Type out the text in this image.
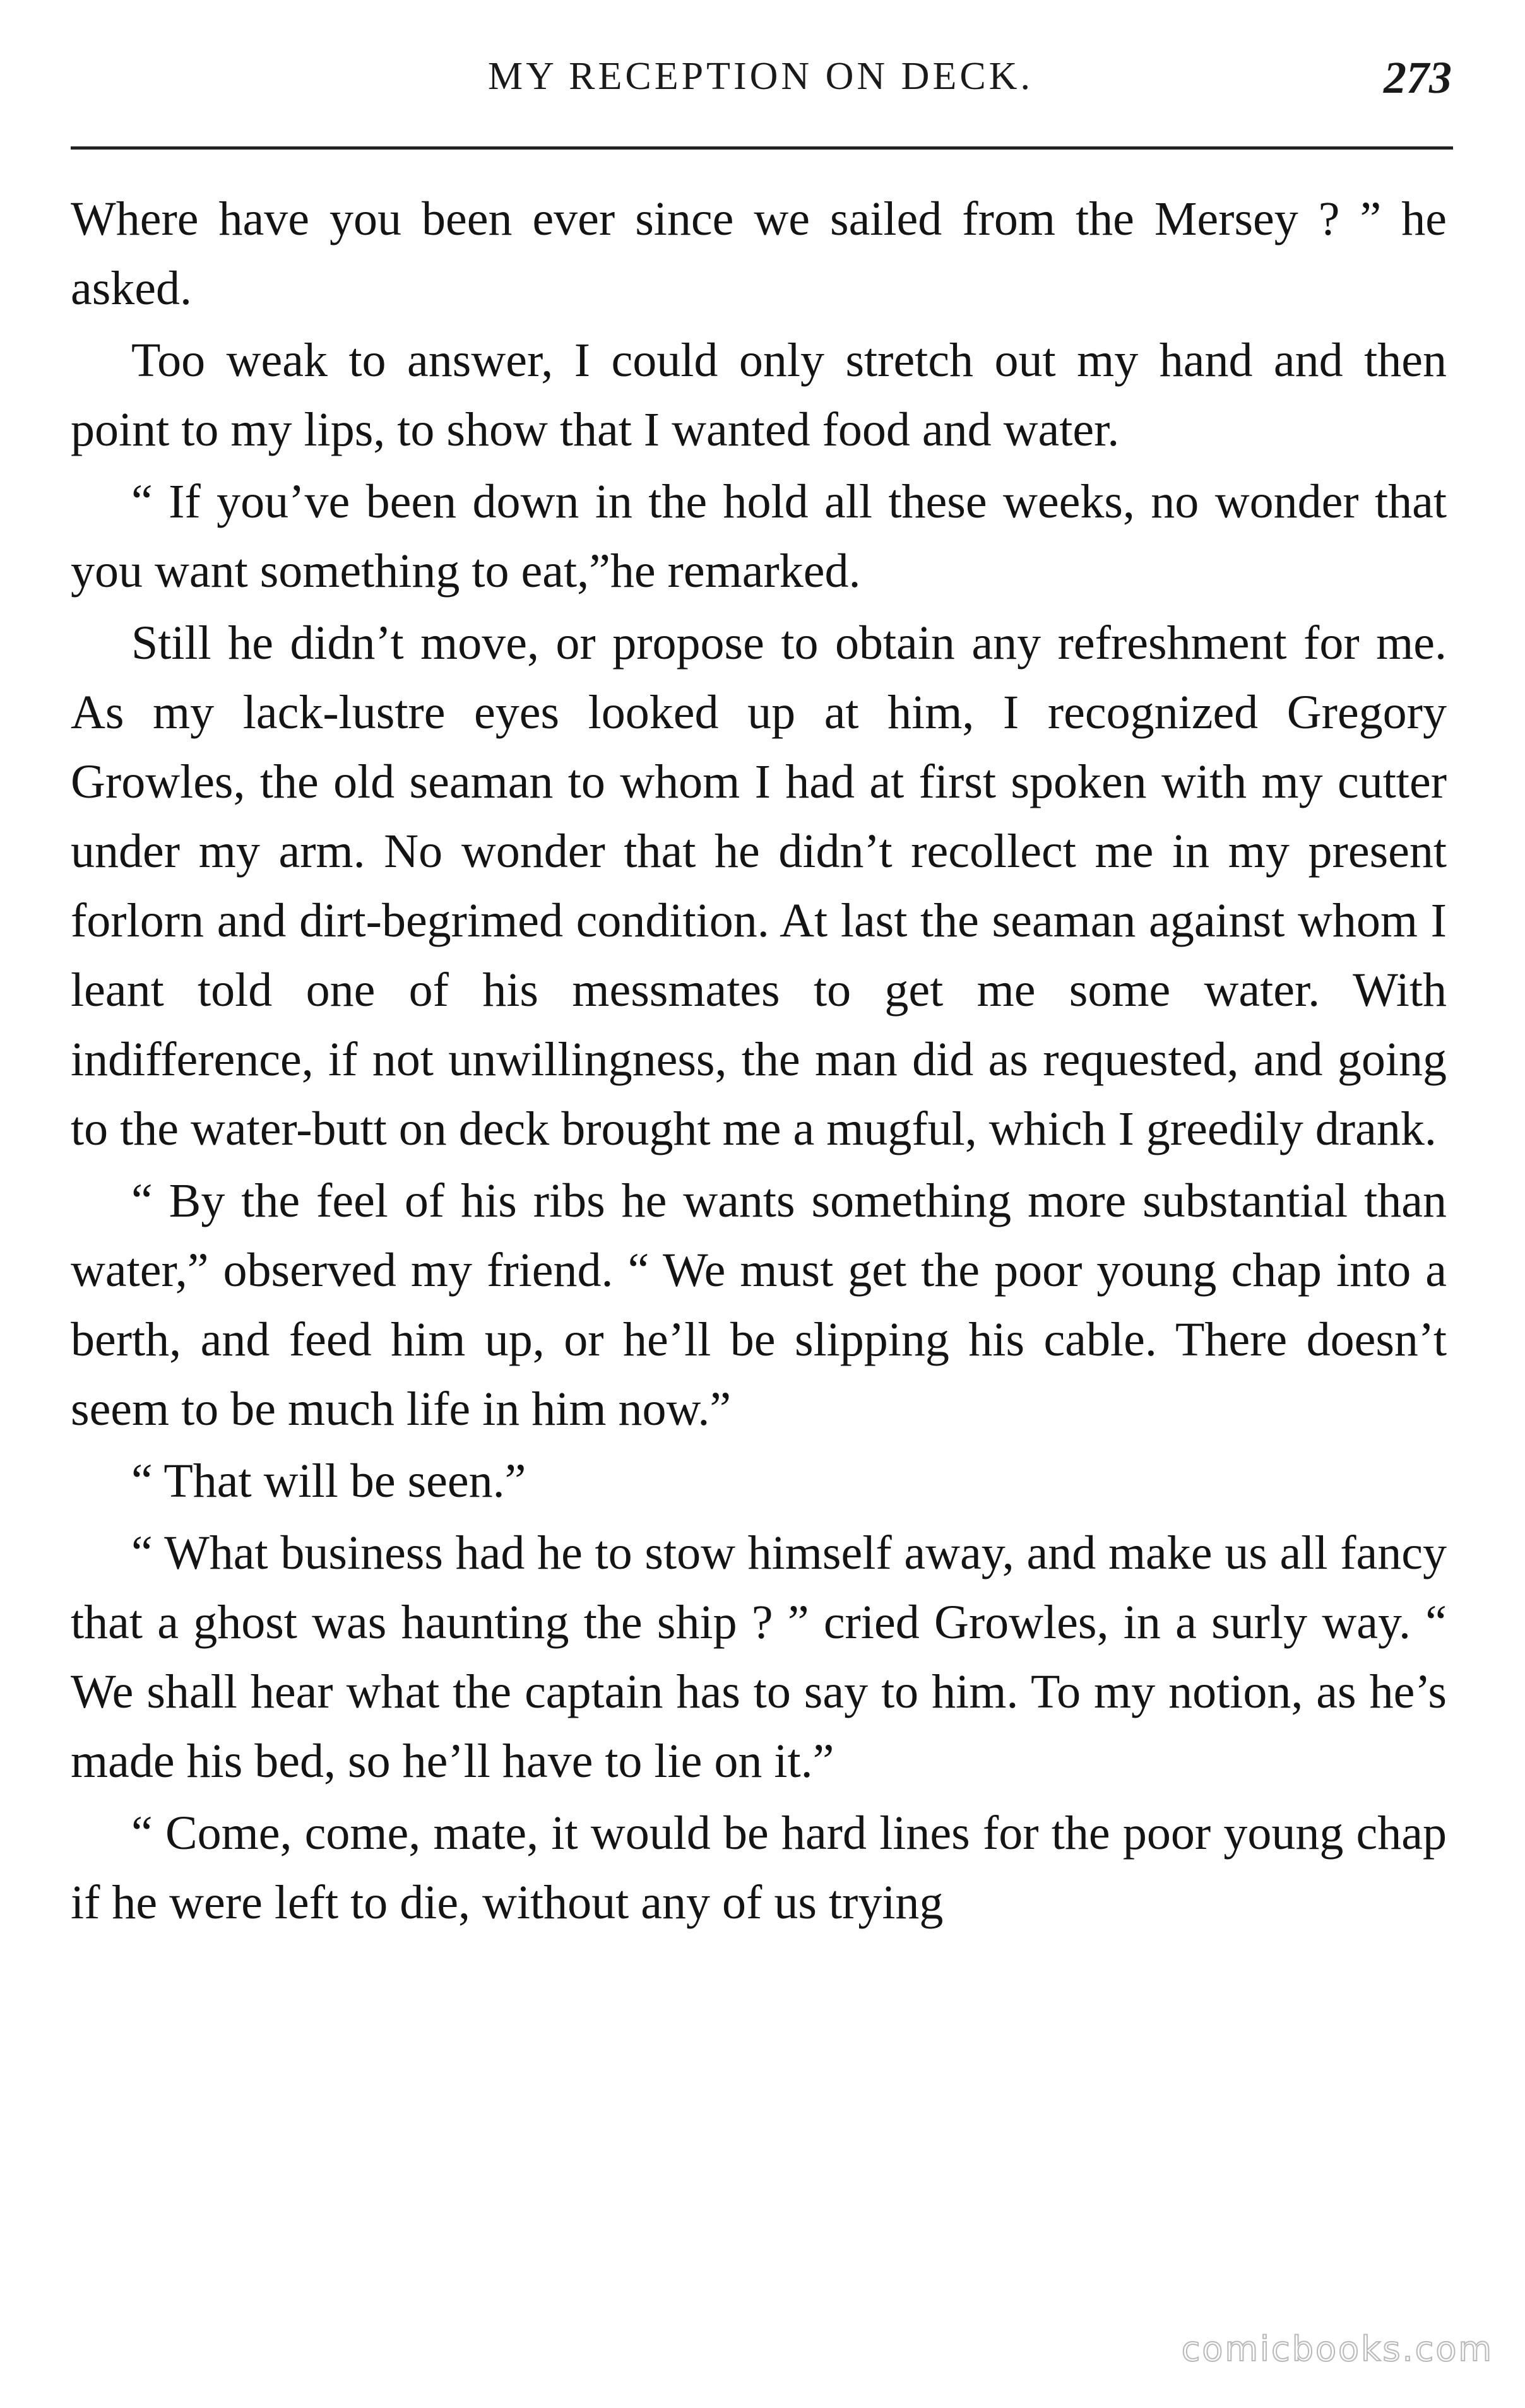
MY RECEPTION ON DECK.	273

Where have you been ever since we sailed from the Mersey ? ” he asked.

Too weak to answer, I could only stretch out my hand and then point to my lips, to show that I wanted food and water.

“ If you’ve been down in the hold all these weeks, no wonder that you want something to eat,”he remarked.

Still he didn’t move, or propose to obtain any refreshment for me. As my lack-lustre eyes looked up at him, I recognized Gregory Growles, the old seaman to whom I had at first spoken with my cutter under my arm. No wonder that he didn’t recollect me in my present forlorn and dirt-begrimed condition. At last the seaman against whom I leant told one of his messmates to get me some water. With indifference, if not unwillingness, the man did as requested, and going to the water-butt on deck brought me a mugful, which I greedily drank.

“ By the feel of his ribs he wants something more substantial than water,” observed my friend. “ We must get the poor young chap into a berth, and feed him up, or he’ll be slipping his cable. There doesn’t seem to be much life in him now.”

“ That will be seen.”

“ What business had he to stow himself away, and make us all fancy that a ghost was haunting the ship ? ” cried Growles, in a surly way. “ We shall hear what the captain has to say to him. To my notion, as he’s made his bed, so he’ll have to lie on it.”

“ Come, come, mate, it would be hard lines for the poor young chap if he were left to die, without any of us trying

comicbooks.com
